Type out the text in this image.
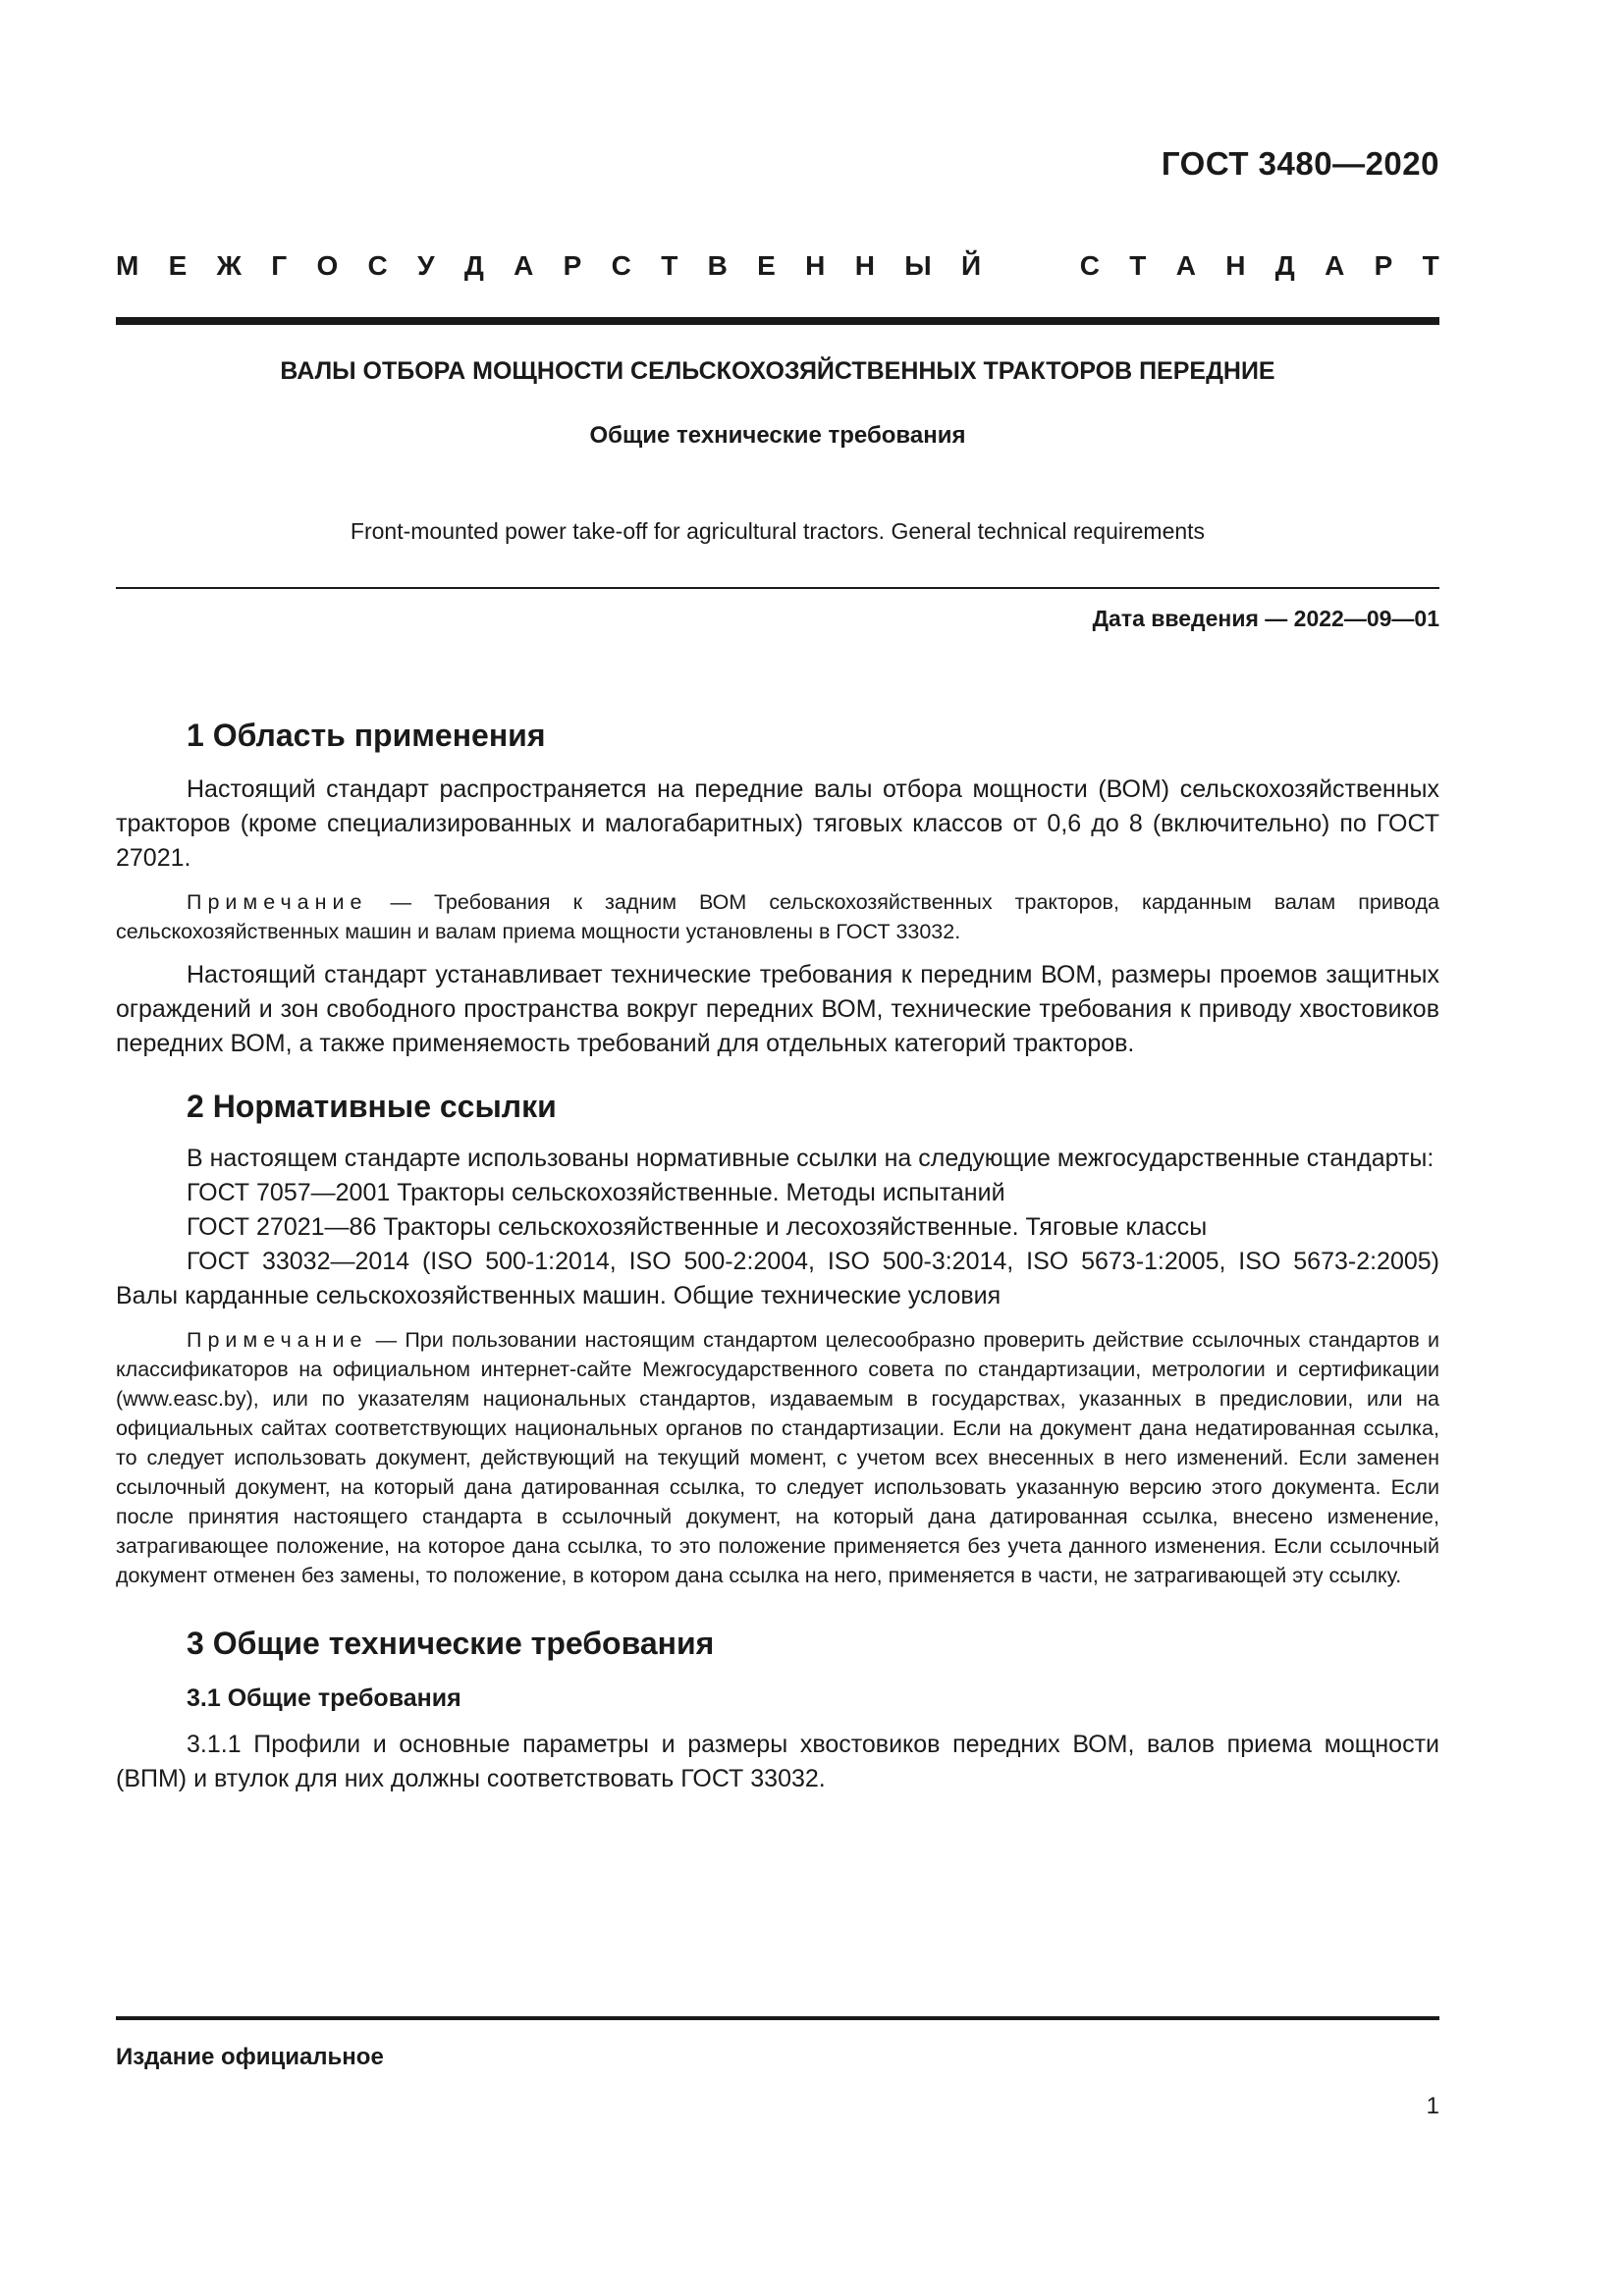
ГОСТ 3480—2020
М Е Ж Г О С У Д А Р С Т В Е Н Н Ы Й	С Т А Н Д А Р Т
ВАЛЫ ОТБОРА МОЩНОСТИ СЕЛЬСКОХОЗЯЙСТВЕННЫХ ТРАКТОРОВ ПЕРЕДНИЕ
Общие технические требования
Front-mounted power take-off for agricultural tractors. General technical requirements
Дата введения — 2022—09—01
1 Область применения

Настоящий стандарт распространяется на передние валы отбора мощности (ВОМ) сельскохозяйственных тракторов (кроме специализированных и малогабаритных) тяговых классов от 0,6 до 8 (включительно) по ГОСТ 27021.

Примечание — Требования к задним ВОМ сельскохозяйственных тракторов, карданным валам привода сельскохозяйственных машин и валам приема мощности установлены в ГОСТ 33032.

Настоящий стандарт устанавливает технические требования к передним ВОМ, размеры проемов защитных ограждений и зон свободного пространства вокруг передних ВОМ, технические требования к приводу хвостовиков передних ВОМ, а также применяемость требований для отдельных категорий тракторов.

2 Нормативные ссылки

В настоящем стандарте использованы нормативные ссылки на следующие межгосударственные стандарты:

ГОСТ 7057—2001 Тракторы сельскохозяйственные. Методы испытаний

ГОСТ 27021—86 Тракторы сельскохозяйственные и лесохозяйственные. Тяговые классы

ГОСТ 33032—2014 (ISO 500-1:2014, ISO 500-2:2004, ISO 500-3:2014, ISO 5673-1:2005, ISO 5673-2:2005) Валы карданные сельскохозяйственных машин. Общие технические условия

Примечание — При пользовании настоящим стандартом целесообразно проверить действие ссылочных стандартов и классификаторов на официальном интернет-сайте Межгосударственного совета по стандартизации, метрологии и сертификации (www.easc.by), или по указателям национальных стандартов, издаваемым в государствах, указанных в предисловии, или на официальных сайтах соответствующих национальных органов по стандартизации. Если на документ дана недатированная ссылка, то следует использовать документ, действующий на текущий момент, с учетом всех внесенных в него изменений. Если заменен ссылочный документ, на который дана датированная ссылка, то следует использовать указанную версию этого документа. Если после принятия настоящего стандарта в ссылочный документ, на который дана датированная ссылка, внесено изменение, затрагивающее положение, на которое дана ссылка, то это положение применяется без учета данного изменения. Если ссылочный документ отменен без замены, то положение, в котором дана ссылка на него, применяется в части, не затрагивающей эту ссылку.

3 Общие технические требования
3.1 Общие требования

3.1.1 Профили и основные параметры и размеры хвостовиков передних ВОМ, валов приема мощности (ВПМ) и втулок для них должны соответствовать ГОСТ 33032.

Издание официальное
1
